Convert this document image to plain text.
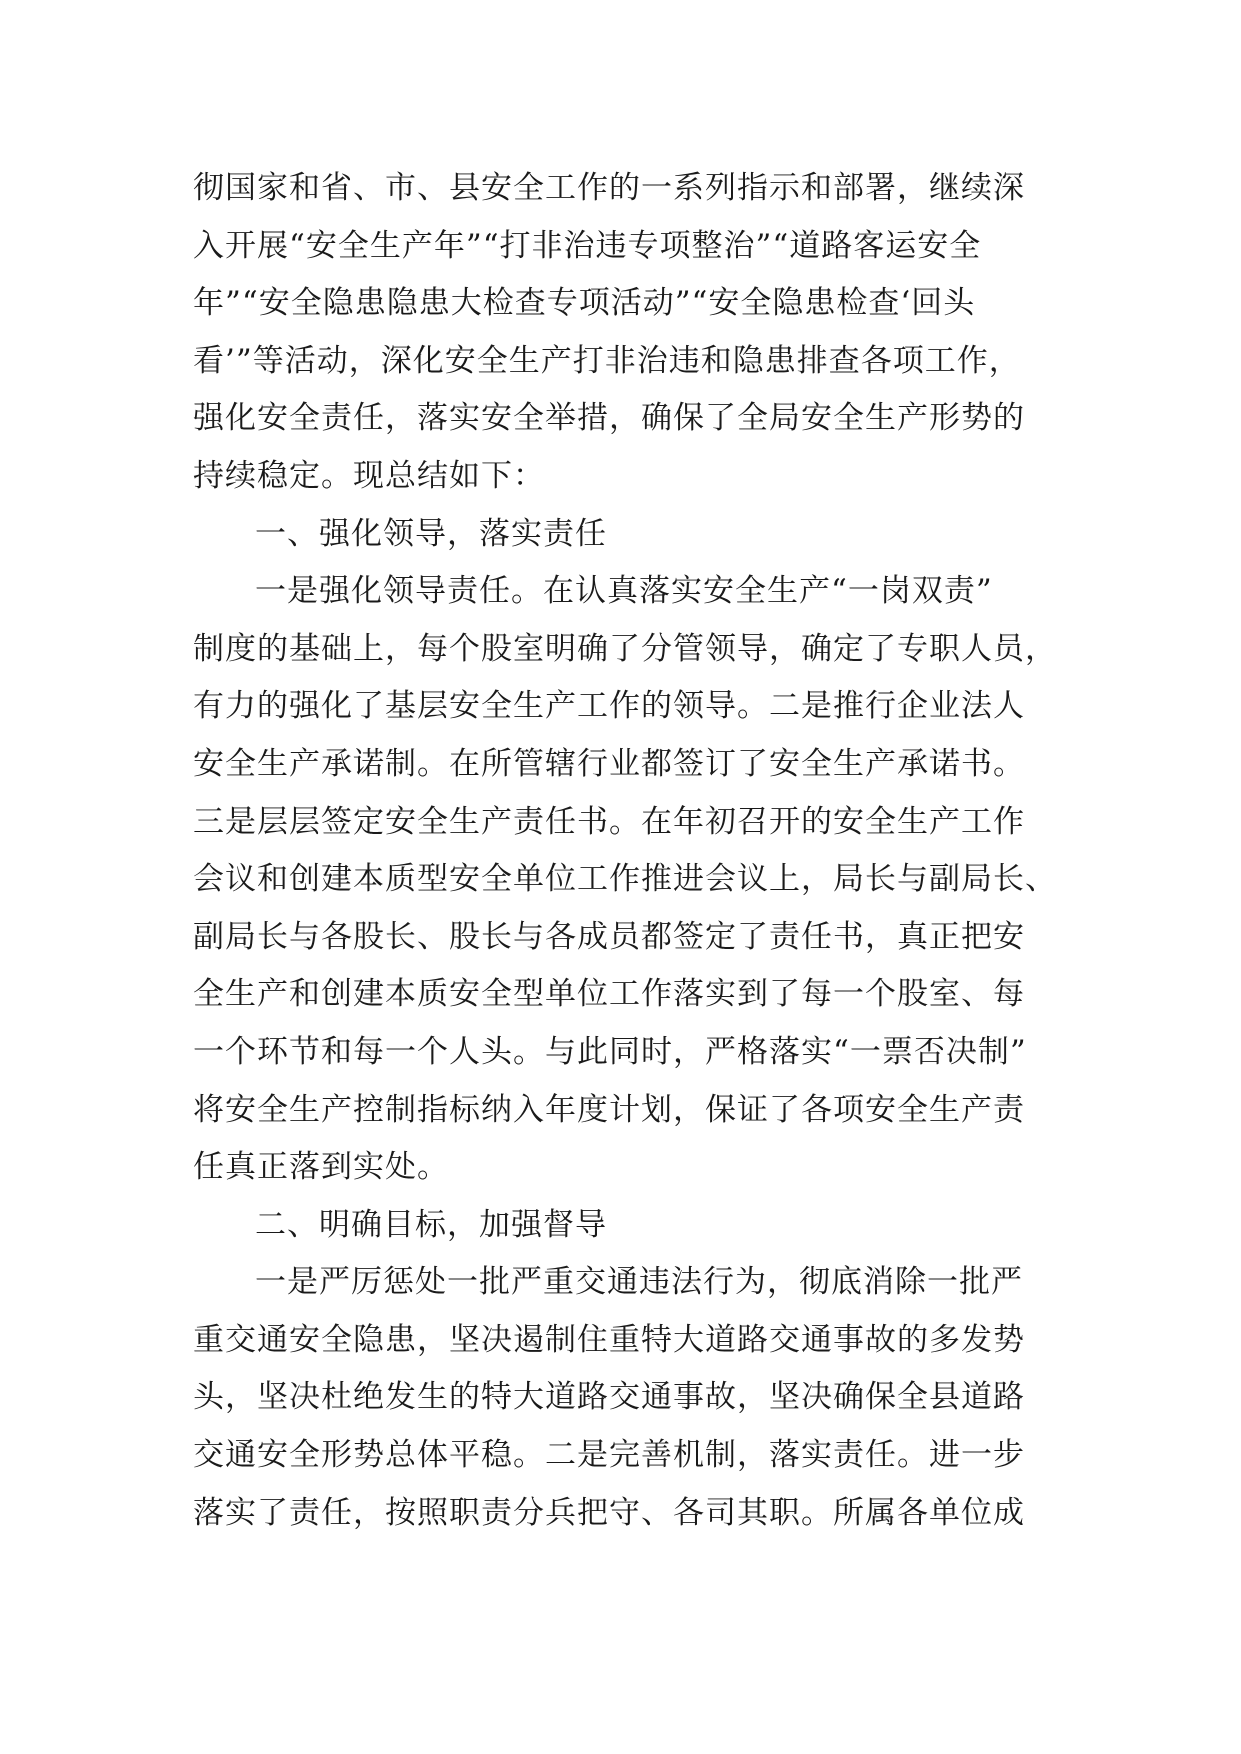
彻国家和省、市、县安全工作的一系列指示和部署，继续深
入开展“安全生产年”“打非治违专项整治”“道路客运安全
年”“安全隐患隐患大检查专项活动”“安全隐患检查‘回头
看’”等活动，深化安全生产打非治违和隐患排查各项工作，
强化安全责任，落实安全举措，确保了全局安全生产形势的
持续稳定。现总结如下：
一、强化领导，落实责任
一是强化领导责任。在认真落实安全生产“一岗双责”
制度的基础上，每个股室明确了分管领导，确定了专职人员，
有力的强化了基层安全生产工作的领导。二是推行企业法人
安全生产承诺制。在所管辖行业都签订了安全生产承诺书。
三是层层签定安全生产责任书。在年初召开的安全生产工作
会议和创建本质型安全单位工作推进会议上，局长与副局长、
副局长与各股长、股长与各成员都签定了责任书，真正把安
全生产和创建本质安全型单位工作落实到了每一个股室、每
一个环节和每一个人头。与此同时，严格落实“一票否决制”
将安全生产控制指标纳入年度计划，保证了各项安全生产责
任真正落到实处。
二、明确目标，加强督导
一是严厉惩处一批严重交通违法行为，彻底消除一批严
重交通安全隐患，坚决遏制住重特大道路交通事故的多发势
头，坚决杜绝发生的特大道路交通事故，坚决确保全县道路
交通安全形势总体平稳。二是完善机制，落实责任。进一步
落实了责任，按照职责分兵把守、各司其职。所属各单位成
